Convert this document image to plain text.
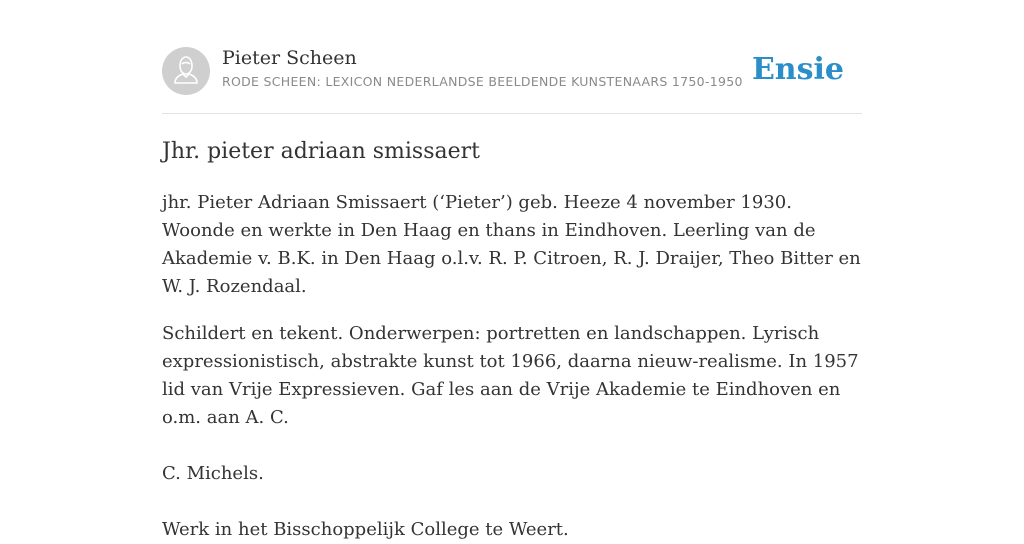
Pieter Scheen
RODE SCHEEN: LEXICON NEDERLANDSE BEELDENDE KUNSTENAARS 1750-1950 Ensie
Jhr. pieter adriaan smissaert

jhr. Pieter Adriaan Smissaert (‘Pieter’) geb. Heeze 4 november 1930. Woonde en werkte in Den Haag en thans in Eindhoven. Leerling van de Akademie v. B.K. in Den Haag o.l.v. R. P. Citroen, R. J. Draijer, Theo Bitter en W. J. Rozendaal.

Schildert en tekent. Onderwerpen: portretten en landschappen. Lyrisch expressionistisch, abstrakte kunst tot 1966, daarna nieuw-realisme. In 1957 lid van Vrije Expressieven. Gaf les aan de Vrije Akademie te Eindhoven en o.m. aan A. C.

C. Michels.

Werk in het Bisschoppelijk College te Weert.
